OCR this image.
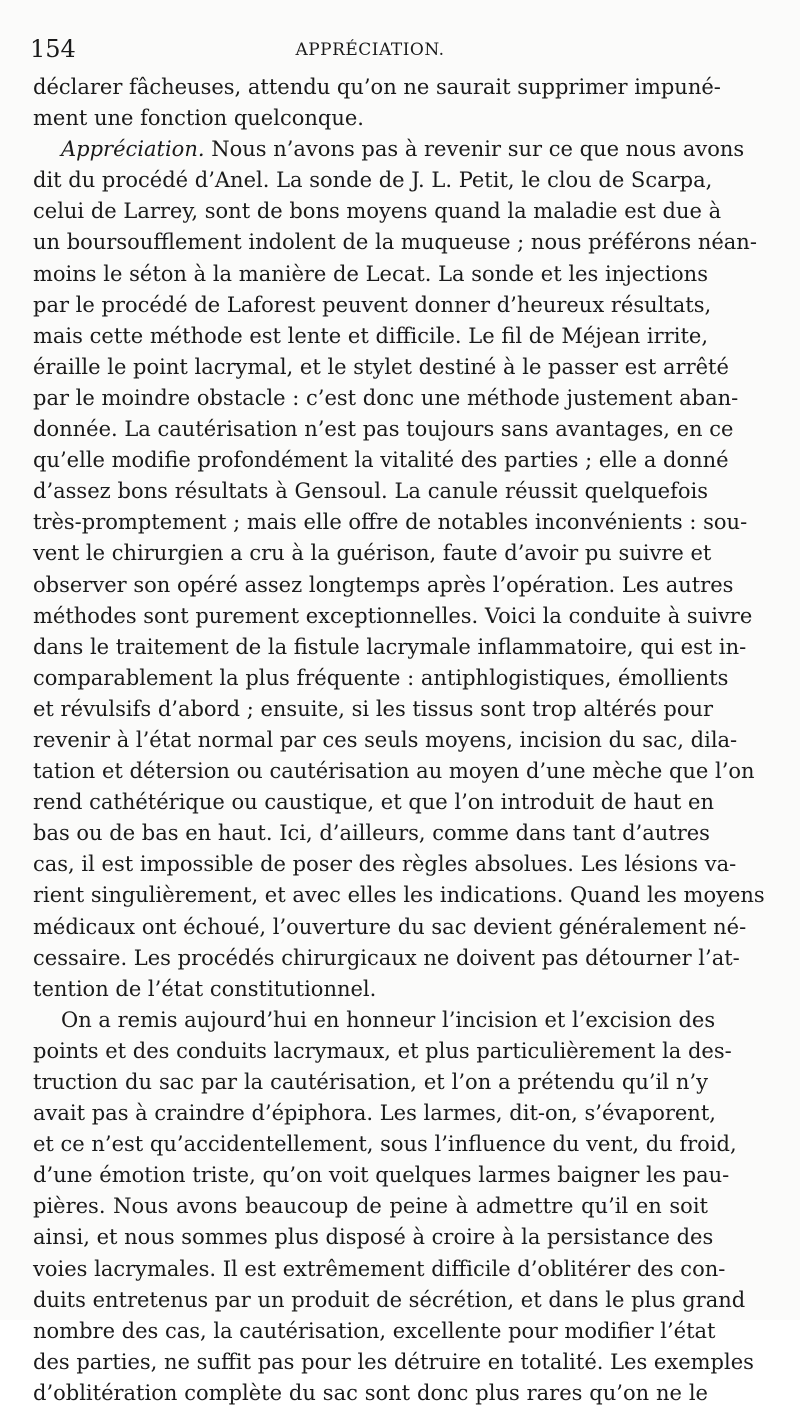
154	APPRÉCIATION.
déclarer fâcheuses, attendu qu’on ne saurait supprimer impuné-
ment une fonction quelconque.
Appréciation. Nous n’avons pas à revenir sur ce que nous avons
dit du procédé d’Anel. La sonde de J. L. Petit, le clou de Scarpa,
celui de Larrey, sont de bons moyens quand la maladie est due à
un boursoufflement indolent de la muqueuse ; nous préférons néan-
moins le séton à la manière de Lecat. La sonde et les injections
par le procédé de Laforest peuvent donner d’heureux résultats,
mais cette méthode est lente et difficile. Le fil de Méjean irrite,
éraille le point lacrymal, et le stylet destiné à le passer est arrêté
par le moindre obstacle : c’est donc une méthode justement aban-
donnée. La cautérisation n’est pas toujours sans avantages, en ce
qu’elle modifie profondément la vitalité des parties ; elle a donné
d’assez bons résultats à Gensoul. La canule réussit quelquefois
très-promptement ; mais elle offre de notables inconvénients : sou-
vent le chirurgien a cru à la guérison, faute d’avoir pu suivre et
observer son opéré assez longtemps après l’opération. Les autres
méthodes sont purement exceptionnelles. Voici la conduite à suivre
dans le traitement de la fistule lacrymale inflammatoire, qui est in-
comparablement la plus fréquente : antiphlogistiques, émollients
et révulsifs d’abord ; ensuite, si les tissus sont trop altérés pour
revenir à l’état normal par ces seuls moyens, incision du sac, dila-
tation et détersion ou cautérisation au moyen d’une mèche que l’on
rend cathétérique ou caustique, et que l’on introduit de haut en
bas ou de bas en haut. Ici, d’ailleurs, comme dans tant d’autres
cas, il est impossible de poser des règles absolues. Les lésions va-
rient singulièrement, et avec elles les indications. Quand les moyens
médicaux ont échoué, l’ouverture du sac devient généralement né-
cessaire. Les procédés chirurgicaux ne doivent pas détourner l’at-
tention de l’état constitutionnel.
On a remis aujourd’hui en honneur l’incision et l’excision des
points et des conduits lacrymaux, et plus particulièrement la des-
truction du sac par la cautérisation, et l’on a prétendu qu’il n’y
avait pas à craindre d’épiphora. Les larmes, dit-on, s’évaporent,
et ce n’est qu’accidentellement, sous l’influence du vent, du froid,
d’une émotion triste, qu’on voit quelques larmes baigner les pau-
pières. Nous avons beaucoup de peine à admettre qu’il en soit
ainsi, et nous sommes plus disposé à croire à la persistance des
voies lacrymales. Il est extrêmement difficile d’oblitérer des con-
duits entretenus par un produit de sécrétion, et dans le plus grand
nombre des cas, la cautérisation, excellente pour modifier l’état
des parties, ne suffit pas pour les détruire en totalité. Les exemples
d’oblitération complète du sac sont donc plus rares qu’on ne le
